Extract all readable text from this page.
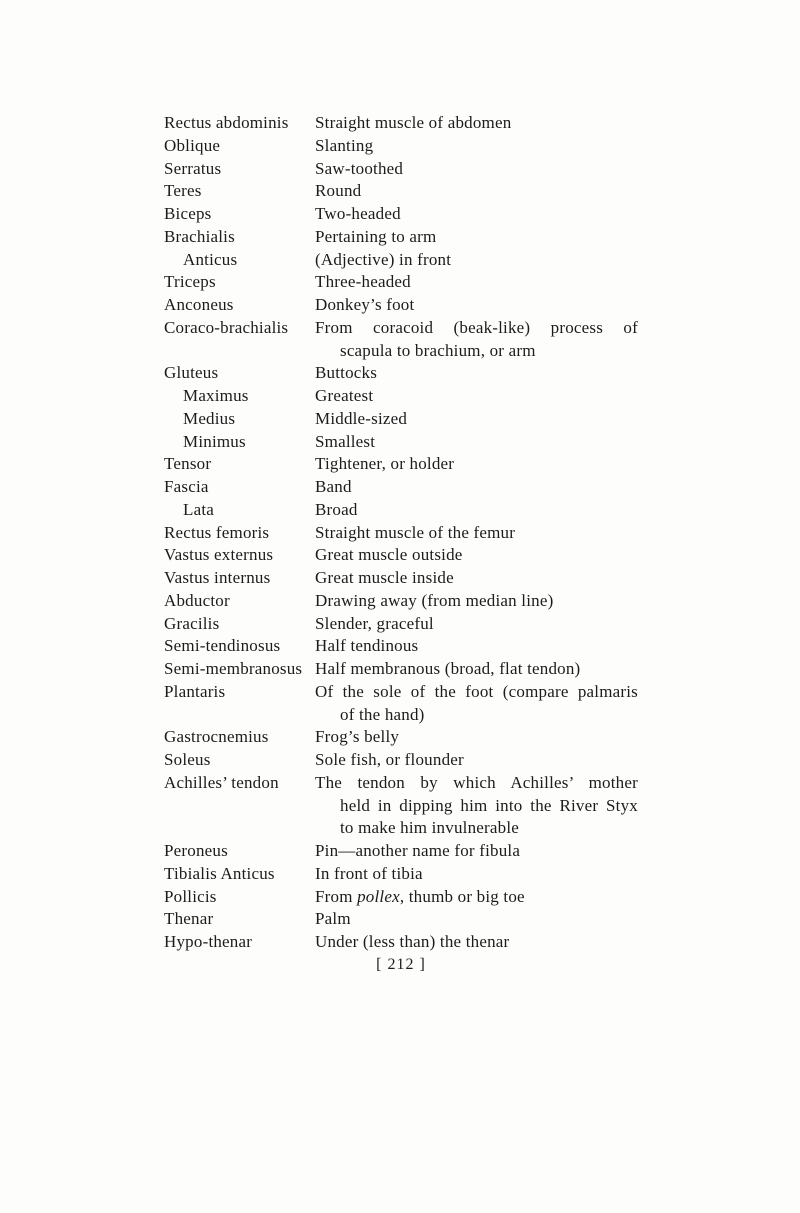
Rectus abdominis	Straight muscle of abdomen
Oblique	Slanting
Serratus	Saw-toothed
Teres	Round
Biceps	Two-headed
Brachialis	Pertaining to arm
Anticus	(Adjective) in front
Triceps	Three-headed
Anconeus	Donkey’s foot
Coraco-brachialis	From coracoid (beak-like) process of
scapula to brachium, or arm
Gluteus	Buttocks
Maximus	Greatest
Medius	Middle-sized
Minimus	Smallest
Tensor	Tightener, or holder
Fascia	Band
Lata	Broad
Rectus femoris	Straight muscle of the femur
Vastus externus	Great muscle outside
Vastus internus	Great muscle inside
Abductor	Drawing away (from median line)
Gracilis	Slender, graceful
Semi-tendinosus	Half tendinous
Semi-membranosus Half membranous (broad, flat tendon)
Plantaris	Of the sole of the foot (compare palmaris
of the hand)
Gastrocnemius	Frog’s belly
Soleus	Sole fish, or flounder
Achilles’ tendon	The tendon by which Achilles’ mother
held in dipping him into the River Styx
to make him invulnerable
Peroneus	Pin—another name for fibula
Tibialis Anticus	In front of tibia
Pollicis	From pollex, thumb or big toe
Thenar	Palm
Hypo-thenar	Under (less than) the thenar
[ 212 ]
